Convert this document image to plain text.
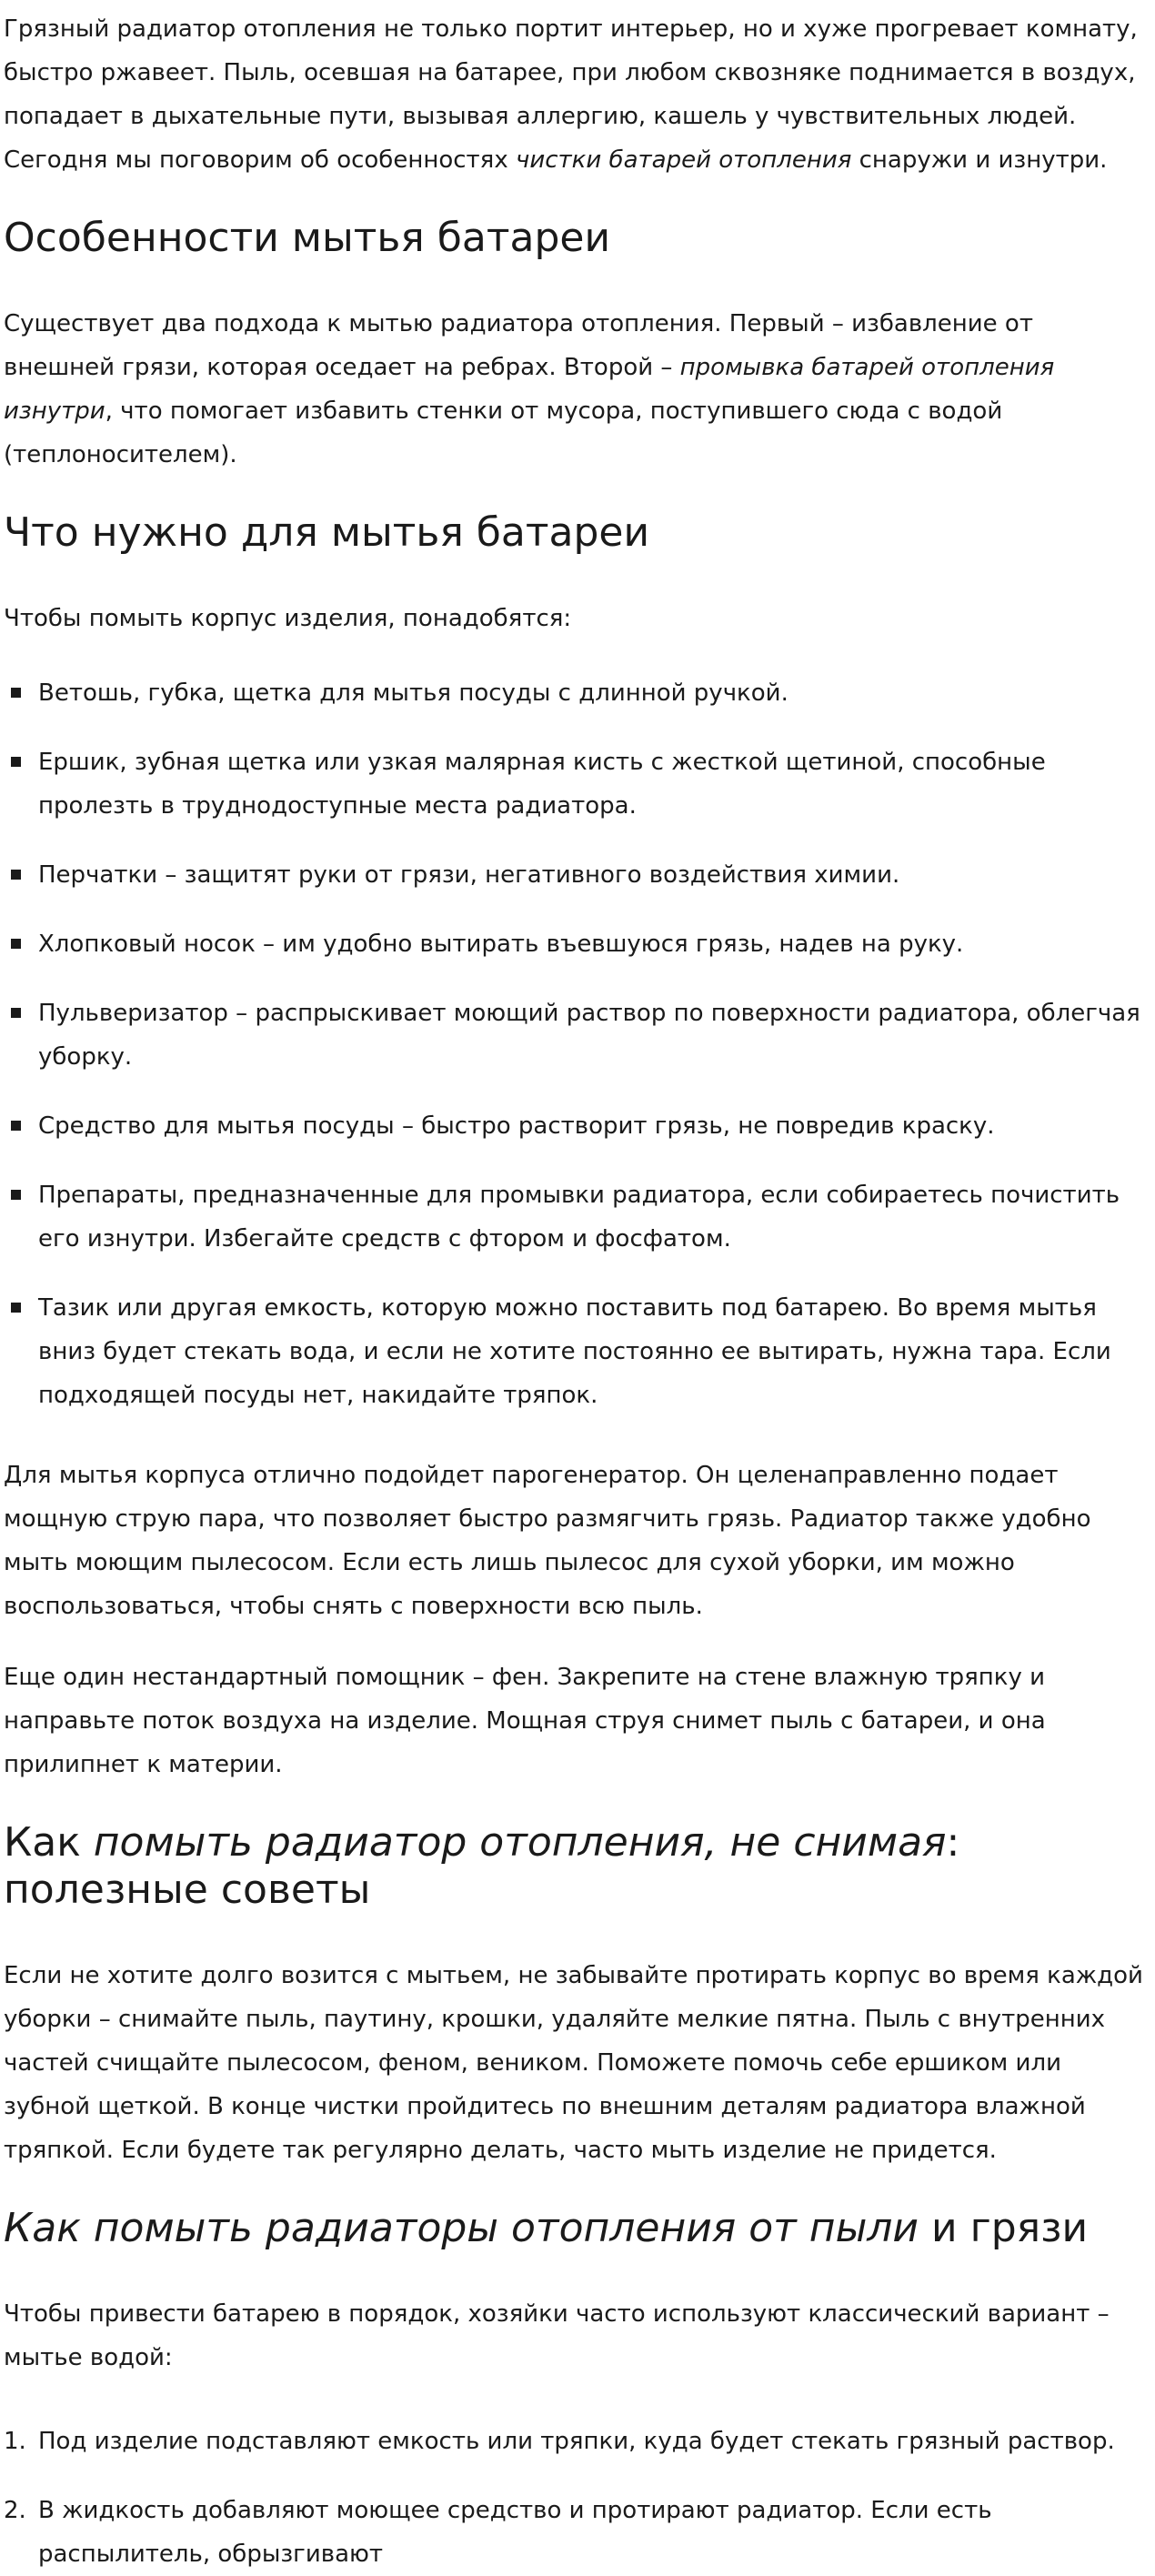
Грязный радиатор отопления не только портит интерьер, но и хуже прогревает комнату, быстро ржавеет. Пыль, осевшая на батарее, при любом сквозняке поднимается в воздух, попадает в дыхательные пути, вызывая аллергию, кашель у чувствительных людей. Сегодня мы поговорим об особенностях чистки батарей отопления снаружи и изнутри.

Особенности мытья батареи

Существует два подхода к мытью радиатора отопления. Первый – избавление от внешней грязи, которая оседает на ребрах. Второй – промывка батарей отопления изнутри, что помогает избавить стенки от мусора, поступившего сюда с водой (теплоносителем).

Что нужно для мытья батареи

Чтобы помыть корпус изделия, понадобятся:

Ветошь, губка, щетка для мытья посуды с длинной ручкой.
Ершик, зубная щетка или узкая малярная кисть с жесткой щетиной, способные пролезть в труднодоступные места радиатора.
Перчатки – защитят руки от грязи, негативного воздействия химии.
Хлопковый носок – им удобно вытирать въевшуюся грязь, надев на руку.
Пульверизатор – распрыскивает моющий раствор по поверхности радиатора, облегчая уборку.
Средство для мытья посуды – быстро растворит грязь, не повредив краску.
Препараты, предназначенные для промывки радиатора, если собираетесь почистить его изнутри. Избегайте средств с фтором и фосфатом.
Тазик или другая емкость, которую можно поставить под батарею. Во время мытья вниз будет стекать вода, и если не хотите постоянно ее вытирать, нужна тара. Если подходящей посуды нет, накидайте тряпок.

Для мытья корпуса отлично подойдет парогенератор. Он целенаправленно подает мощную струю пара, что позволяет быстро размягчить грязь. Радиатор также удобно мыть моющим пылесосом. Если есть лишь пылесос для сухой уборки, им можно воспользоваться, чтобы снять с поверхности всю пыль.

Еще один нестандартный помощник – фен. Закрепите на стене влажную тряпку и направьте поток воздуха на изделие. Мощная струя снимет пыль с батареи, и она прилипнет к материи.

Как помыть радиатор отопления, не снимая:
полезные советы

Если не хотите долго возится с мытьем, не забывайте протирать корпус во время каждой уборки – снимайте пыль, паутину, крошки, удаляйте мелкие пятна. Пыль с внутренних частей счищайте пылесосом, феном, веником. Поможете помочь себе ершиком или зубной щеткой. В конце чистки пройдитесь по внешним деталям радиатора влажной тряпкой. Если будете так регулярно делать, часто мыть изделие не придется.

Как помыть радиаторы отопления от пыли и грязи

Чтобы привести батарею в порядок, хозяйки часто используют классический вариант – мытье водой:

Под изделие подставляют емкость или тряпки, куда будет стекать грязный раствор.
В жидкость добавляют моющее средство и протирают радиатор. Если есть распылитель, обрызгивают
